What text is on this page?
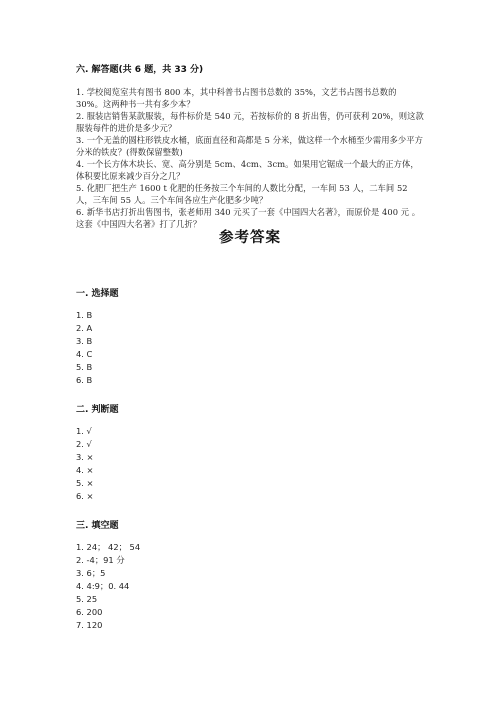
六. 解答题(共 6 题，共 33 分)

1. 学校阅览室共有图书 800 本，其中科普书占图书总数的 35%，文艺书占图书总数的 30%。这两种书一共有多少本？

2. 服装店销售某款服装，每件标价是 540 元，若按标价的 8 折出售，仍可获利 20%，则这款服装每件的进价是多少元？

3. 一个无盖的圆柱形铁皮水桶，底面直径和高都是 5 分米，做这样一个水桶至少需用多少平方分米的铁皮？(得数保留整数)

4. 一个长方体木块长、宽、高分别是 5cm、4cm、3cm。如果用它锯成一个最大的正方体，体积要比原来减少百分之几？

5. 化肥厂把生产 1600 t 化肥的任务按三个车间的人数比分配，一车间 53 人，二车间 52 人，三车间 55 人。三个车间各应生产化肥多少吨？

6. 新华书店打折出售图书，张老师用 340 元买了一套《中国四大名著》，而原价是 400 元 。这套《中国四大名著》打了几折？

参考答案
一. 选择题
1. B
2. A
3. B
4. C
5. B
6. B
二. 判断题
1. √
2. √
3. ×
4. ×
5. ×
6. ×
三. 填空题
1. 24； 42； 54
2. -4；91 分
3. 6；5
4. 4:9；0. 44
5. 25
6. 200
7. 120
